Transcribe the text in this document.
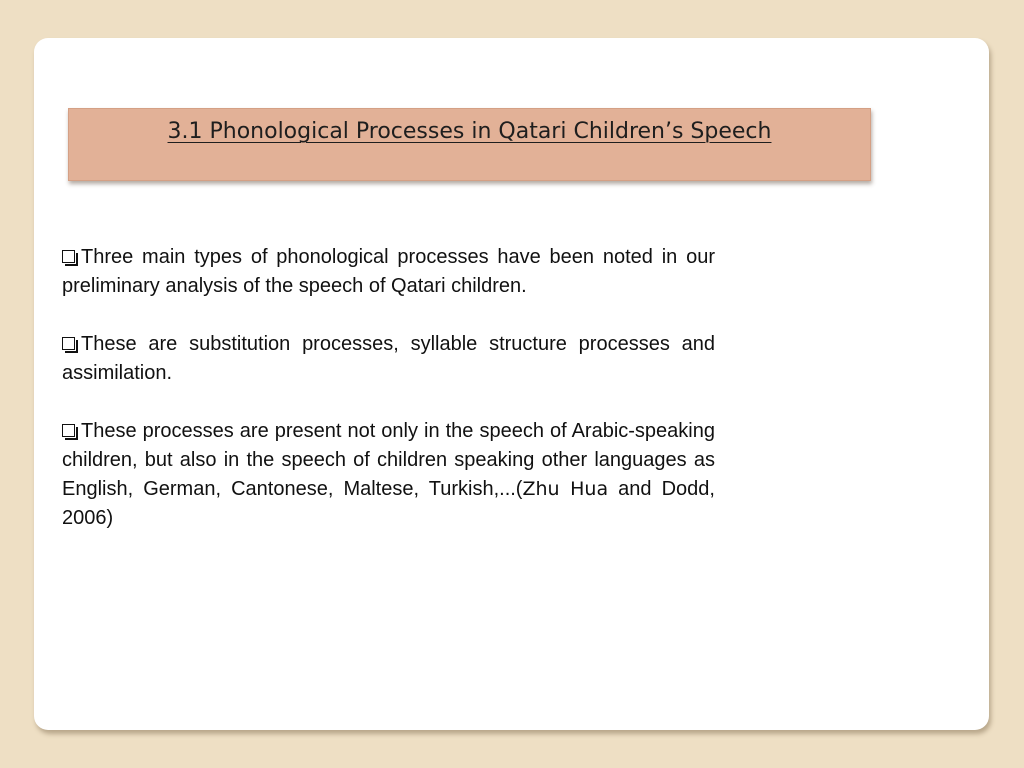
3.1 Phonological Processes in Qatari Children’s Speech

Three main types of phonological processes have been noted in our preliminary analysis of the speech of Qatari children.

These are substitution processes, syllable structure processes and assimilation.

These processes are present not only in the speech of Arabic-speaking children, but also in the speech of children speaking other languages as English, German, Cantonese, Maltese, Turkish,...(Zhu Hua and Dodd, 2006)
